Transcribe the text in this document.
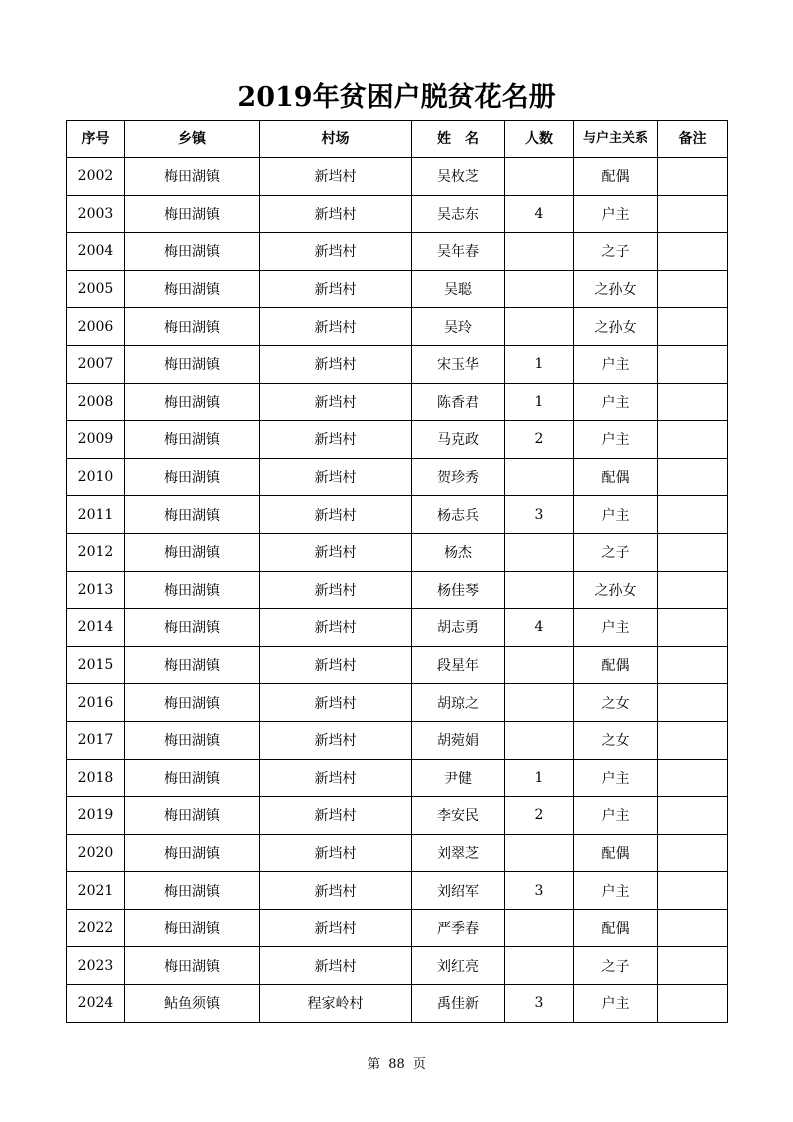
2019年贫困户脱贫花名册
序号	乡镇	村场	姓　名	人数	与户主关系	备注
2002	梅田湖镇	新垱村	吴枚芝		配偶	
2003	梅田湖镇	新垱村	吴志东	4	户主	
2004	梅田湖镇	新垱村	吴年春		之子	
2005	梅田湖镇	新垱村	吴聪		之孙女	
2006	梅田湖镇	新垱村	吴玲		之孙女	
2007	梅田湖镇	新垱村	宋玉华	1	户主	
2008	梅田湖镇	新垱村	陈香君	1	户主	
2009	梅田湖镇	新垱村	马克政	2	户主	
2010	梅田湖镇	新垱村	贺珍秀		配偶	
2011	梅田湖镇	新垱村	杨志兵	3	户主	
2012	梅田湖镇	新垱村	杨杰		之子	
2013	梅田湖镇	新垱村	杨佳琴		之孙女	
2014	梅田湖镇	新垱村	胡志勇	4	户主	
2015	梅田湖镇	新垱村	段星年		配偶	
2016	梅田湖镇	新垱村	胡琼之		之女	
2017	梅田湖镇	新垱村	胡菀娟		之女	
2018	梅田湖镇	新垱村	尹健	1	户主	
2019	梅田湖镇	新垱村	李安民	2	户主	
2020	梅田湖镇	新垱村	刘翠芝		配偶	
2021	梅田湖镇	新垱村	刘绍军	3	户主	
2022	梅田湖镇	新垱村	严季春		配偶	
2023	梅田湖镇	新垱村	刘红亮		之子	
2024	鲇鱼须镇	程家岭村	禹佳新	3	户主	
第 88 页
